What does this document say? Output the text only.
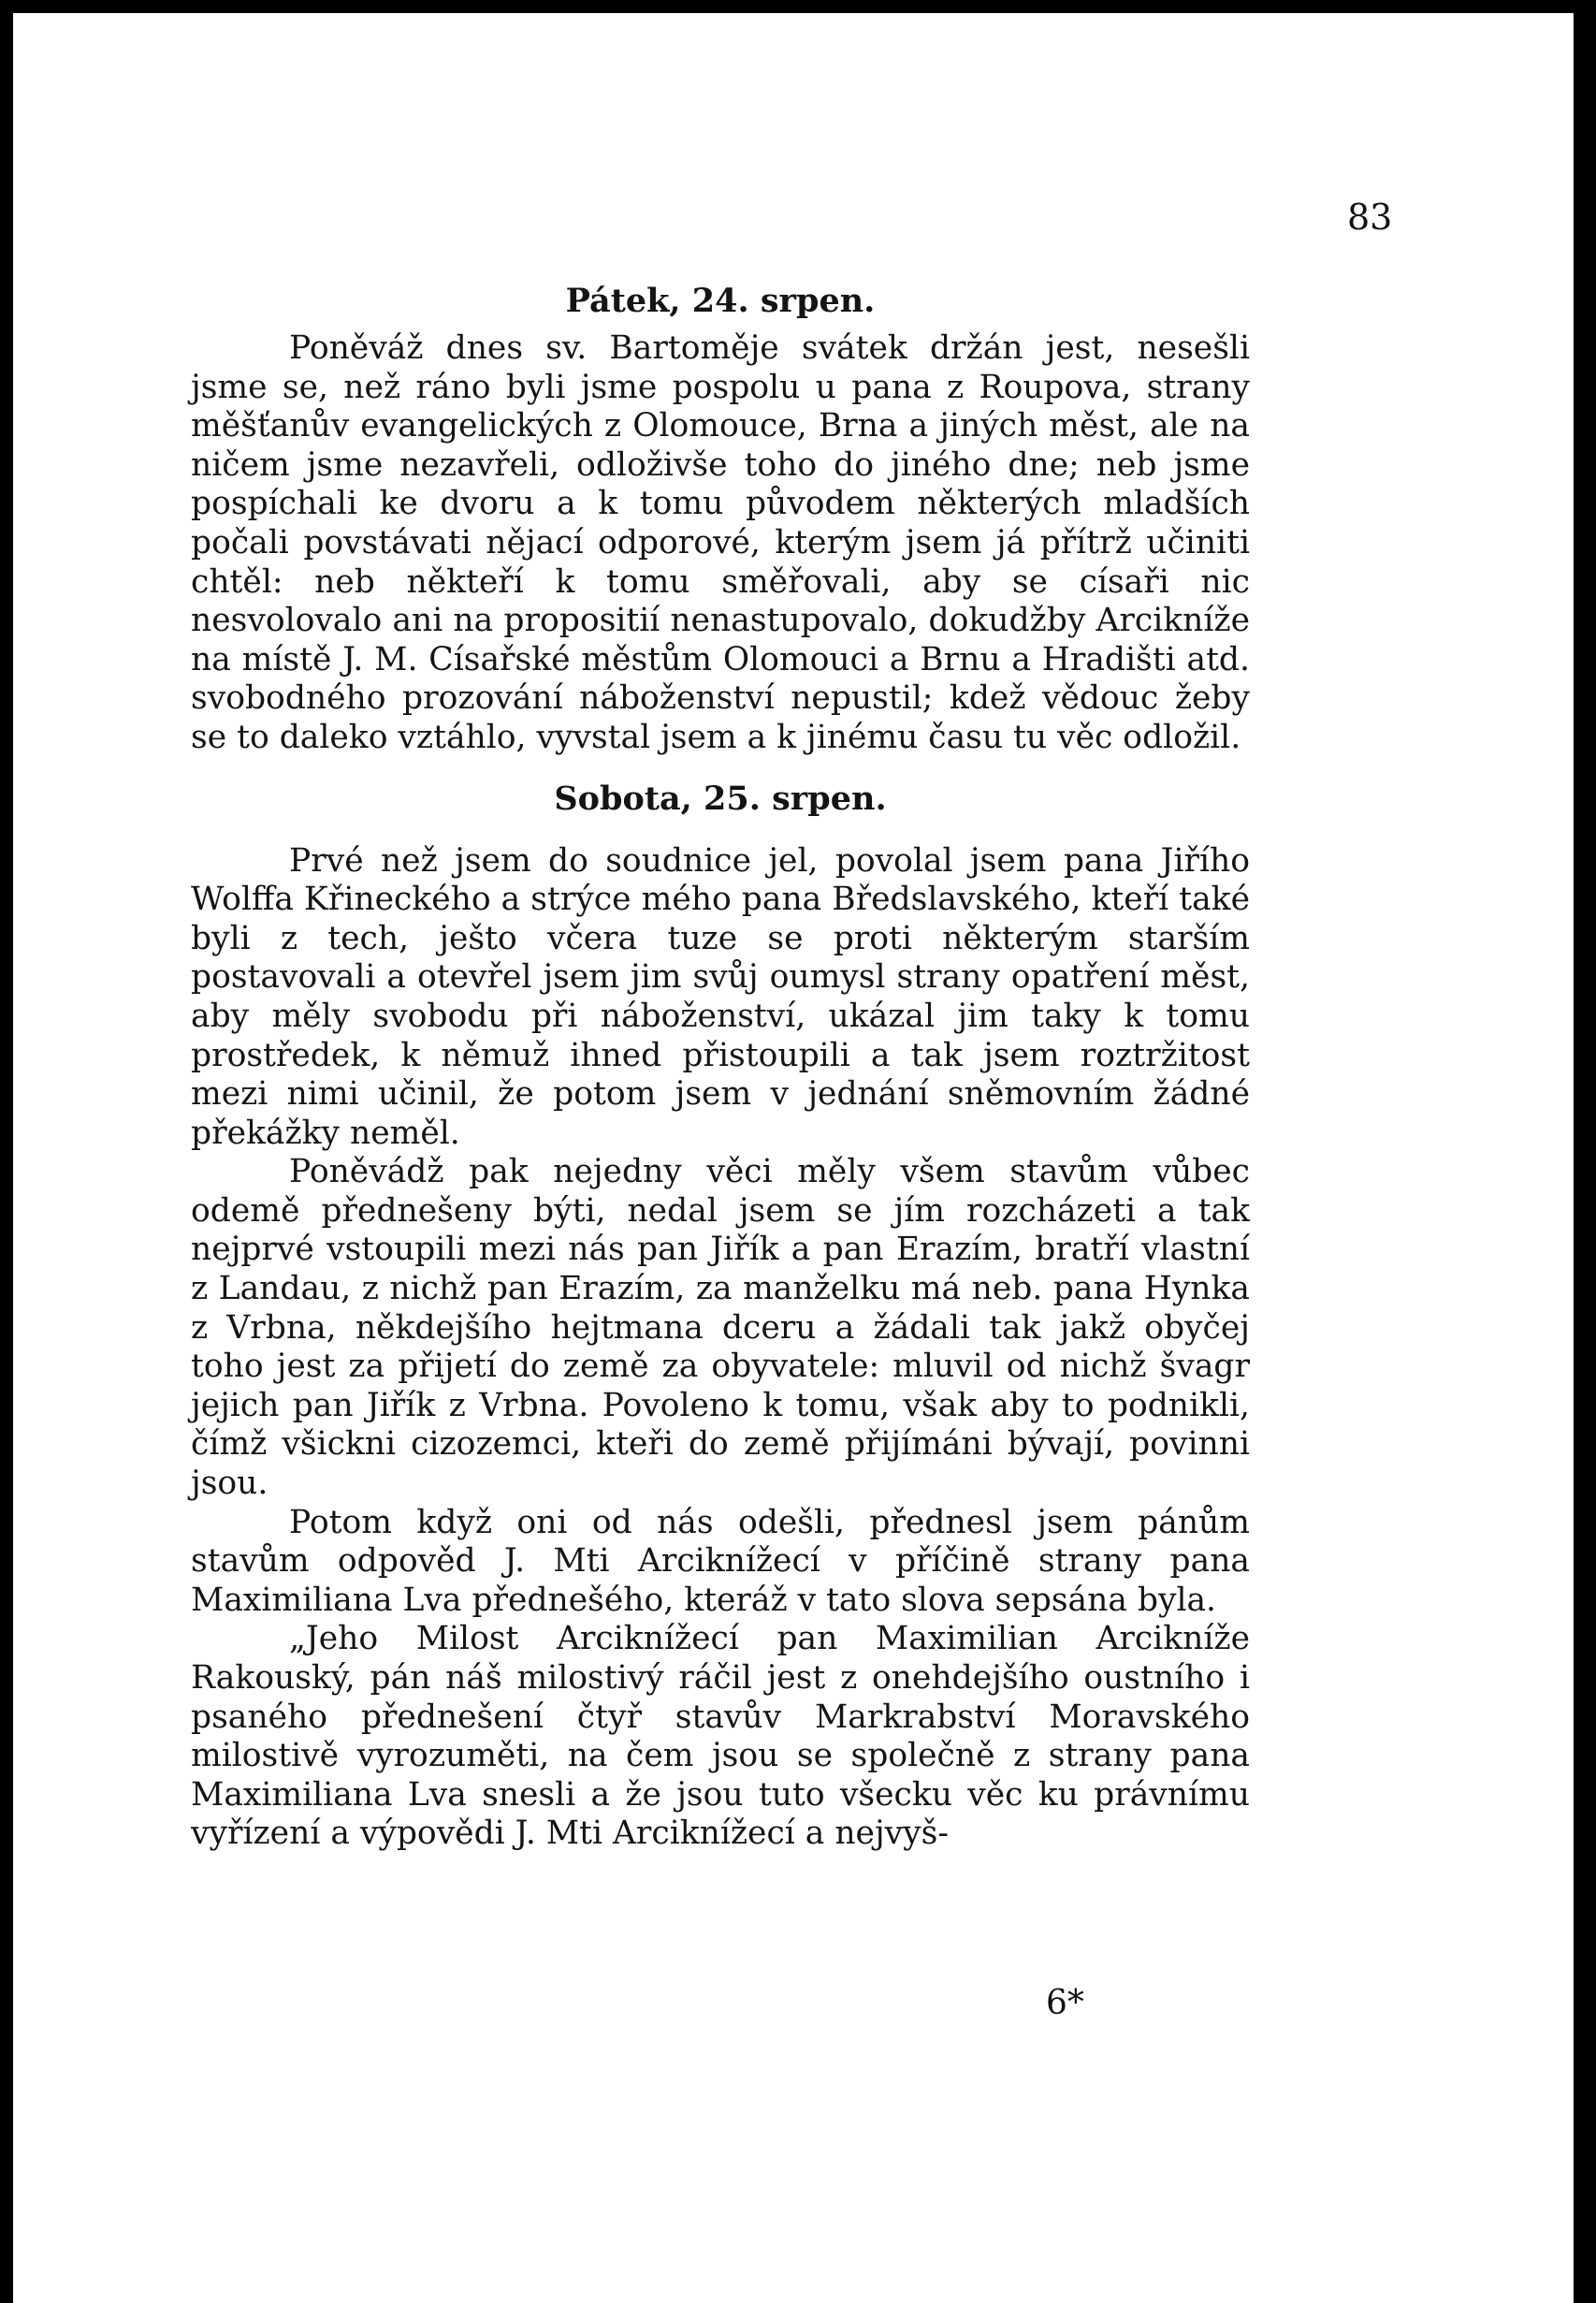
83
Pátek, 24. srpen.

Poněváž dnes sv. Bartoměje svátek držán jest, nesešli jsme se, než ráno byli jsme pospolu u pana z Roupova, strany měšťanův evangelických z Olomouce, Brna a jiných měst, ale na ničem jsme nezavřeli, odloživše toho do jiného dne; neb jsme pospíchali ke dvoru a k tomu původem některých mladších počali povstávati nějací odporové, kterým jsem já přítrž učiniti chtěl: neb někteří k tomu směřovali, aby se císaři nic nesvolovalo ani na propositií nenastupovalo, dokudžby Arcikníže na místě J. M. Císařské městům Olomouci a Brnu a Hradišti atd. svobodného prozování náboženství nepustil; kdež vědouc žeby se to daleko vztáhlo, vyvstal jsem a k jinému času tu věc odložil.

Sobota, 25. srpen.

Prvé než jsem do soudnice jel, povolal jsem pana Jiřího Wolffa Křineckého a strýce mého pana Bředslavského, kteří také byli z tech, ješto včera tuze se proti některým starším postavovali a otevřel jsem jim svůj oumysl strany opatření měst, aby měly svobodu při náboženství, ukázal jim taky k tomu prostředek, k němuž ihned přistoupili a tak jsem roztržitost mezi nimi učinil, že potom jsem v jednání sněmovním žádné překážky neměl.

Poněvádž pak nejedny věci měly všem stavům vůbec odemě přednešeny býti, nedal jsem se jím rozcházeti a tak nejprvé vstoupili mezi nás pan Jiřík a pan Erazím, bratří vlastní z Landau, z nichž pan Erazím, za manželku má neb. pana Hynka z Vrbna, někdejšího hejtmana dceru a žádali tak jakž obyčej toho jest za přijetí do země za obyvatele: mluvil od nichž švagr jejich pan Jiřík z Vrbna. Povoleno k tomu, však aby to podnikli, čímž všickni cizozemci, kteři do země přijímáni bývají, povinni jsou.

Potom když oni od nás odešli, přednesl jsem pánům stavům odpověd J. Mti Arciknížecí v příčině strany pana Maximiliana Lva přednešého, kteráž v tato slova sepsána byla.

„Jeho Milost Arciknížecí pan Maximilian Arcikníže Rakouský, pán náš milostivý ráčil jest z onehdejšího oustního i psaného přednešení čtyř stavův Markrabství Moravského milostivě vyrozuměti, na čem jsou se společně z strany pana Maximiliana Lva snesli a že jsou tuto všecku věc ku právnímu vyřízení a výpovědi J. Mti Arciknížecí a nejvyš-

6*
